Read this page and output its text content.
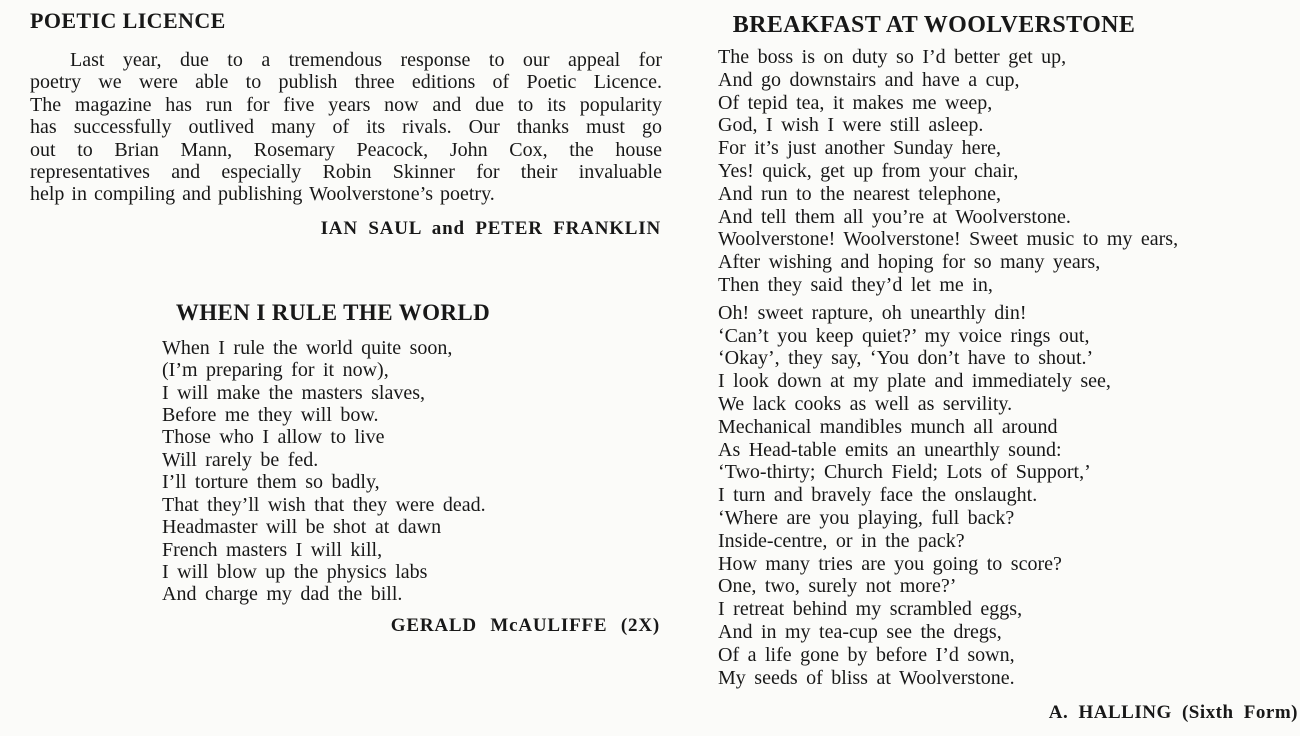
POETIC LICENCE
Last year, due to a tremendous response to our appeal for
poetry we were able to publish three editions of Poetic Licence.
The magazine has run for five years now and due to its popularity
has successfully outlived many of its rivals. Our thanks must go
out to Brian Mann, Rosemary Peacock, John Cox, the house
representatives and especially Robin Skinner for their invaluable
help in compiling and publishing Woolverstone’s poetry.
IAN SAUL and PETER FRANKLIN
WHEN I RULE THE WORLD
When I rule the world quite soon,
(I’m preparing for it now),
I will make the masters slaves,
Before me they will bow.
Those who I allow to live
Will rarely be fed.
I’ll torture them so badly,
That they’ll wish that they were dead.
Headmaster will be shot at dawn
French masters I will kill,
I will blow up the physics labs
And charge my dad the bill.
GERALD McAULIFFE (2X)
BREAKFAST AT WOOLVERSTONE
The boss is on duty so I’d better get up,
And go downstairs and have a cup,
Of tepid tea, it makes me weep,
God, I wish I were still asleep.
For it’s just another Sunday here,
Yes! quick, get up from your chair,
And run to the nearest telephone,
And tell them all you’re at Woolverstone.
Woolverstone! Woolverstone! Sweet music to my ears,
After wishing and hoping for so many years,
Then they said they’d let me in,
Oh! sweet rapture, oh unearthly din!
‘Can’t you keep quiet?’ my voice rings out,
‘Okay’, they say, ‘You don’t have to shout.’
I look down at my plate and immediately see,
We lack cooks as well as servility.
Mechanical mandibles munch all around
As Head-table emits an unearthly sound:
‘Two-thirty; Church Field; Lots of Support,’
I turn and bravely face the onslaught.
‘Where are you playing, full back?
Inside-centre, or in the pack?
How many tries are you going to score?
One, two, surely not more?’
I retreat behind my scrambled eggs,
And in my tea-cup see the dregs,
Of a life gone by before I’d sown,
My seeds of bliss at Woolverstone.
A. HALLING (Sixth Form)
